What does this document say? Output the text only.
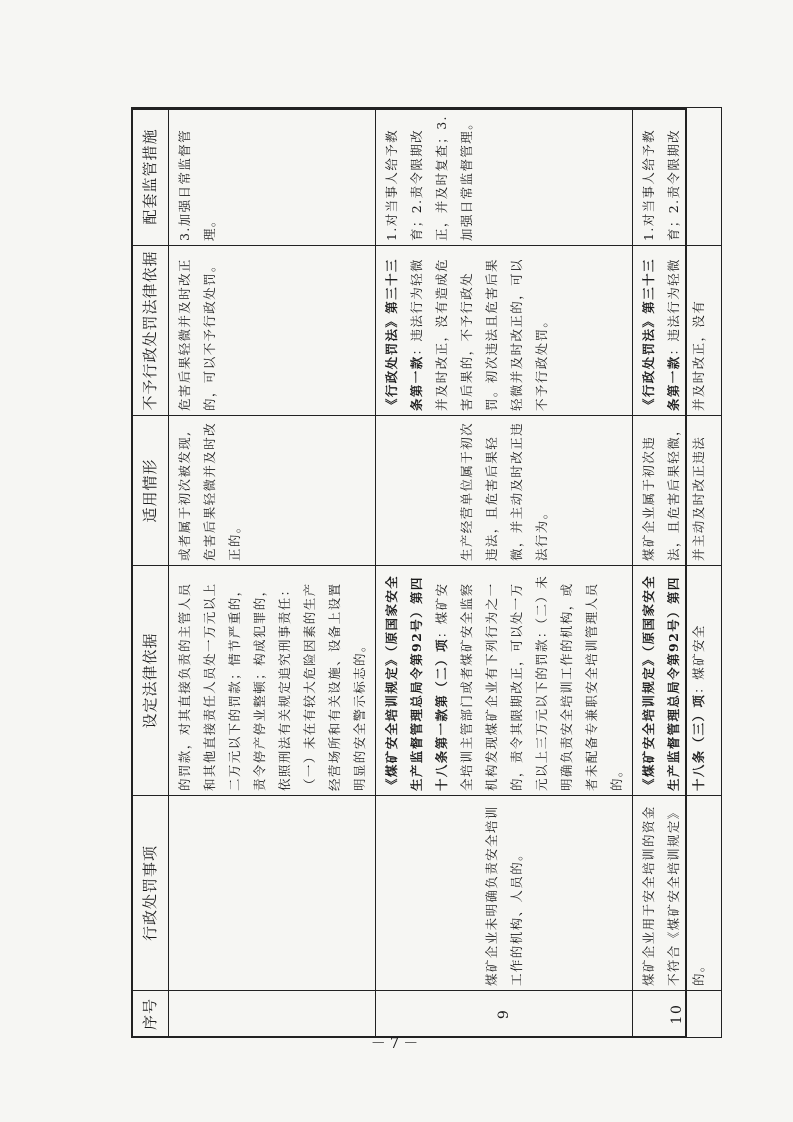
序号	行政处罚事项	设定法律依据	适用情形	不予行政处罚法律依据	配套监管措施
		的罚款，对其直接负责的主管人员和其他直接责任人员处一万元以上二万元以下的罚款；情节严重的，责令停产停业整顿；构成犯罪的，依照刑法有关规定追究刑事责任：（一）未在有较大危险因素的生产经营场所和有关设施、设备上设置明显的安全警示标志的。	或者属于初次被发现,危害后果轻微并及时改正的。	危害后果轻微并及时改正的，可以不予行政处罚。	3.加强日常监督管理。
9	煤矿企业未明确负责安全培训工作的机构、人员的。	《煤矿安全培训规定》（原国家安全生产监督管理总局令第92号）第四十八条第一款第（二）项：煤矿安全培训主管部门或者煤矿安全监察机构发现煤矿企业有下列行为之一的，责令其限期改正，可以处一万元以上三万元以下的罚款：（二）未明确负责安全培训工作的机构，或者未配备专兼职安全培训管理人员的。	生产经营单位属于初次违法，且危害后果轻微，并主动及时改正违法行为。	《行政处罚法》第三十三条第一款：违法行为轻微并及时改正，没有造成危害后果的，不予行政处罚。初次违法且危害后果轻微并及时改正的，可以不予行政处罚。	1.对当事人给予教育；2.责令限期改正，并及时复查；3.加强日常监督管理。
10	煤矿企业用于安全培训的资金不符合《煤矿安全培训规定》的。	《煤矿安全培训规定》（原国家安全生产监督管理总局令第92号）第四十八条（三）项：煤矿安全	煤矿企业属于初次违法，且危害后果轻微，并主动及时改正违法	《行政处罚法》第三十三条第一款：违法行为轻微并及时改正，没有	1.对当事人给予教育；2.责令限期改
－7－
